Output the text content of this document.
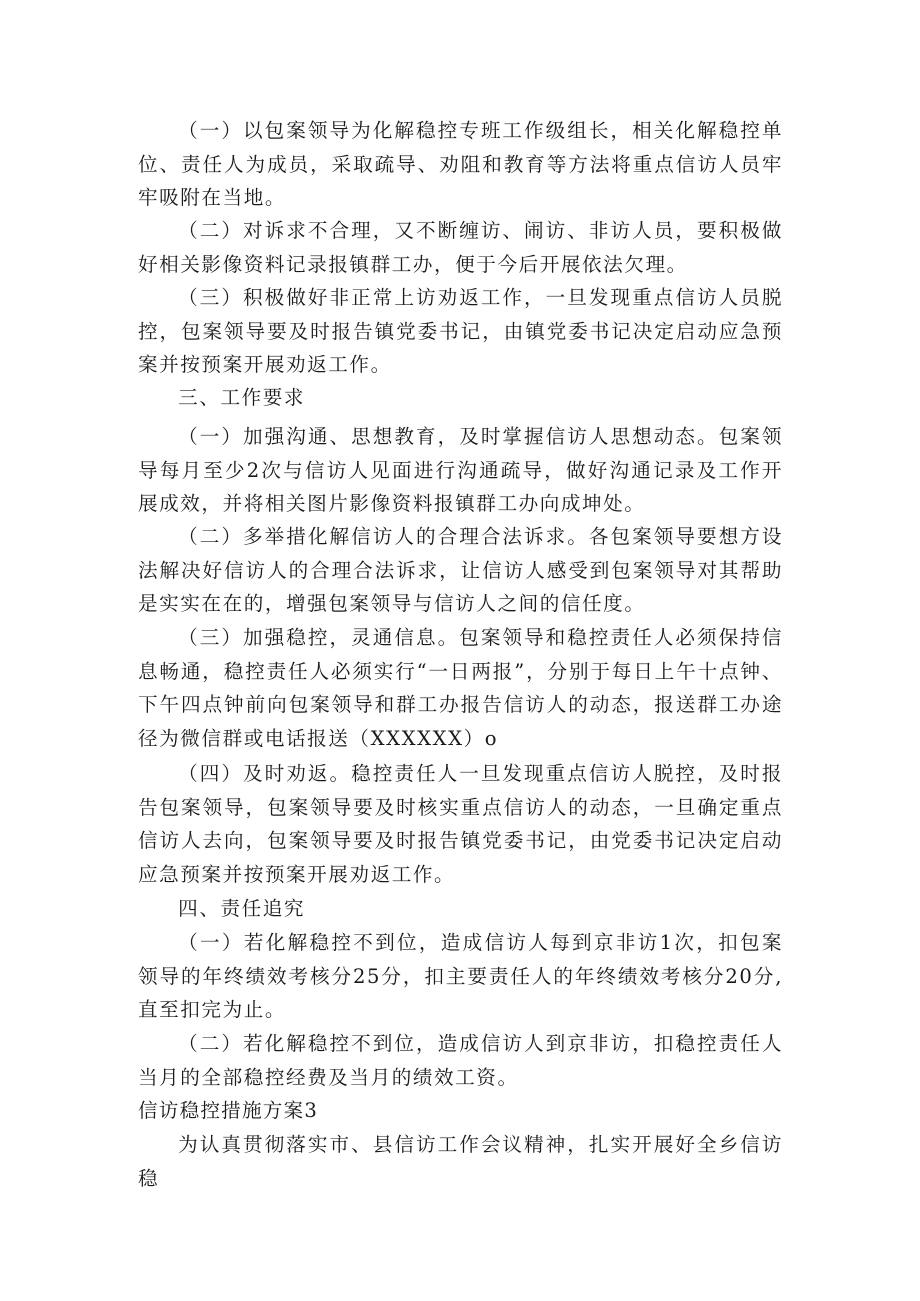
（一）以包案领导为化解稳控专班工作级组长，相关化解稳控单位、责任人为成员，采取疏导、劝阻和教育等方法将重点信访人员牢牢吸附在当地。

（二）对诉求不合理，又不断缠访、闹访、非访人员，要积极做好相关影像资料记录报镇群工办，便于今后开展依法欠理。

（三）积极做好非正常上访劝返工作，一旦发现重点信访人员脱控，包案领导要及时报告镇党委书记，由镇党委书记决定启动应急预案并按预案开展劝返工作。

三、工作要求

（一）加强沟通、思想教育，及时掌握信访人思想动态。包案领导每月至少2次与信访人见面进行沟通疏导，做好沟通记录及工作开展成效，并将相关图片影像资料报镇群工办向成坤处。

（二）多举措化解信访人的合理合法诉求。各包案领导要想方设法解决好信访人的合理合法诉求，让信访人感受到包案领导对其帮助是实实在在的，增强包案领导与信访人之间的信任度。

（三）加强稳控，灵通信息。包案领导和稳控责任人必须保持信息畅通，稳控责任人必须实行“一日两报”，分别于每日上午十点钟、下午四点钟前向包案领导和群工办报告信访人的动态，报送群工办途径为微信群或电话报送（XXXXXX）o

（四）及时劝返。稳控责任人一旦发现重点信访人脱控，及时报告包案领导，包案领导要及时核实重点信访人的动态，一旦确定重点信访人去向，包案领导要及时报告镇党委书记，由党委书记决定启动应急预案并按预案开展劝返工作。

四、责任追究

（一）若化解稳控不到位，造成信访人每到京非访1次，扣包案领导的年终绩效考核分25分，扣主要责任人的年终绩效考核分20分,直至扣完为止。

（二）若化解稳控不到位，造成信访人到京非访，扣稳控责任人当月的全部稳控经费及当月的绩效工资。

信访稳控措施方案3

为认真贯彻落实市、县信访工作会议精神，扎实开展好全乡信访稳
